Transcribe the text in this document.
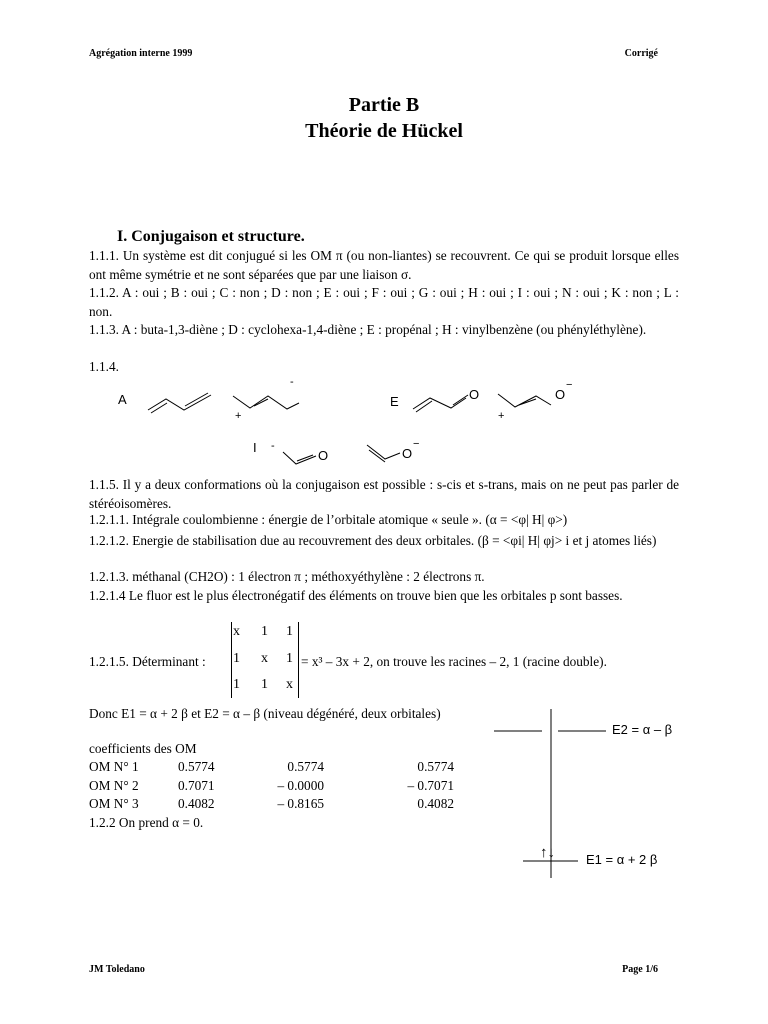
Agrégation interne 1999	Corrigé
Partie B
Théorie de Hückel
I. Conjugaison et structure.
1.1.1. Un système est dit conjugué si les OM π (ou non-liantes) se recouvrent. Ce qui se produit lorsque elles ont même symétrie et ne sont séparées que par une liaison σ.
1.1.2. A : oui ; B : oui ; C : non ; D : non ; E : oui ; F : oui ; G : oui ; H : oui ; I : oui ; N : oui ; K : non ; L : non.
1.1.3. A : buta-1,3-diène ; D : cyclohexa-1,4-diène ; E : propénal ; H : vinylbenzène (ou phényléthylène).
1.1.4.
A
-
+
E	O	O
−
+
I -
O	O
−
1.1.5. Il y a deux conformations où la conjugaison est possible : s-cis et s-trans, mais on ne peut pas parler de stéréoisomères.
1.2.1.1. Intégrale coulombienne : énergie de l’orbitale atomique « seule ». (α = <φ| H| φ>)
1.2.1.2. Energie de stabilisation due au recouvrement des deux orbitales. (β = <φi| H| φj> i et j atomes liés)
1.2.1.3. méthanal (CH2O) : 1 électron π ; méthoxyéthylène : 2 électrons π.
1.2.1.4 Le fluor est le plus électronégatif des éléments on trouve bien que les orbitales p sont basses.
1.2.1.5. Déterminant :
x 1 1
1 x 1
1 1 x
= x³ – 3x + 2, on trouve les racines – 2, 1 (racine double).
Donc E1 = α + 2 β et E2 = α – β (niveau dégénéré, deux orbitales)
coefficients des OM
OM N° 1	0.5774	0.5774	0.5774
OM N° 2	0.7071	– 0.0000	– 0.7071
OM N° 3	0.4082	– 0.8165	0.4082
1.2.2 On prend α = 0.
E2 = α – β
↑↓ E1 = α + 2 β
JM Toledano	Page 1/6
